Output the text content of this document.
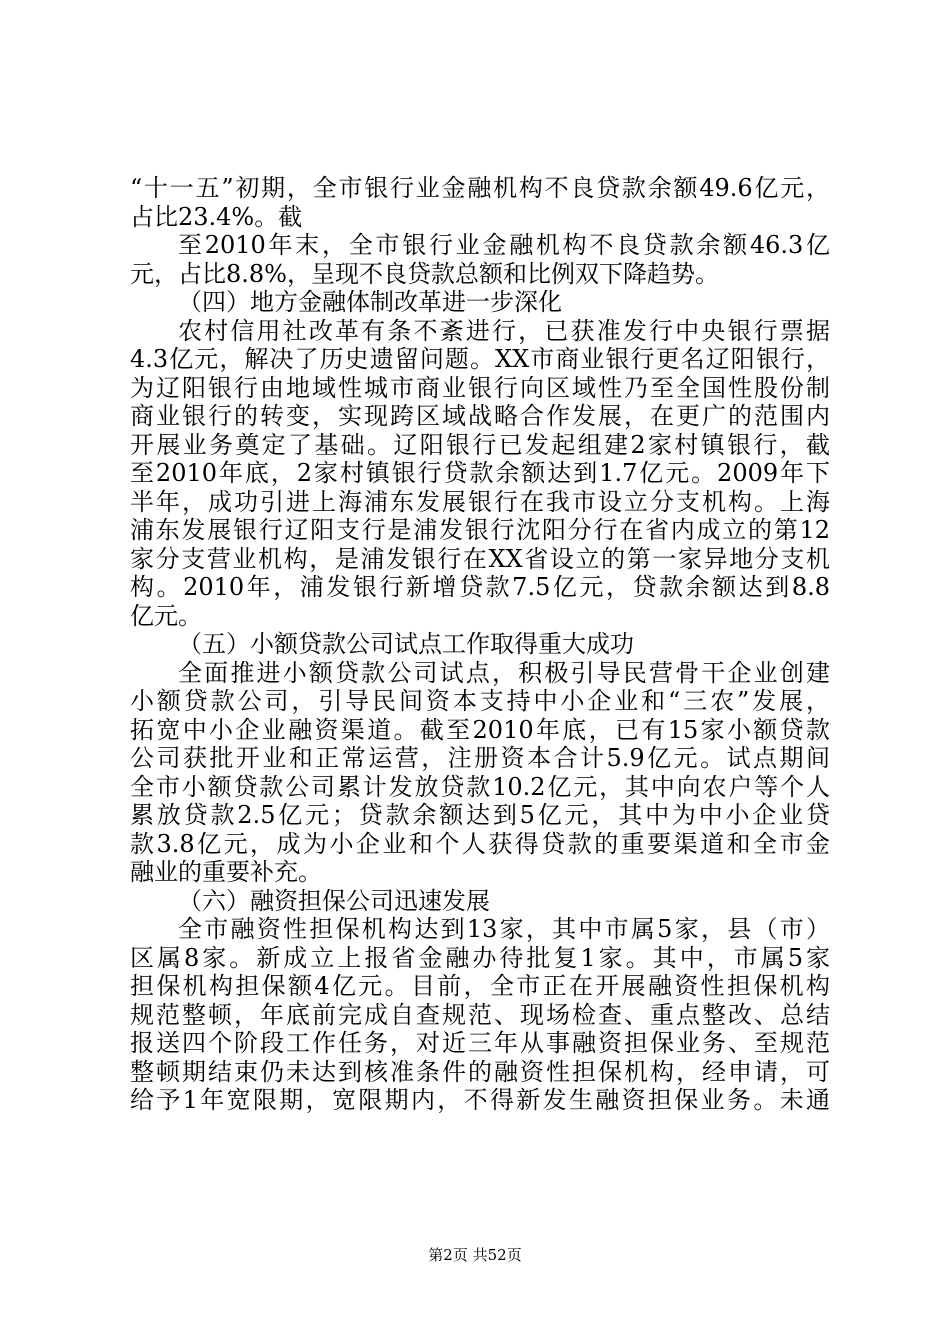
“十一五”初期，全市银行业金融机构不良贷款余额49.6亿元，
占比23.4%。截
至2010年末，全市银行业金融机构不良贷款余额46.3亿
元，占比8.8%，呈现不良贷款总额和比例双下降趋势。
（四）地方金融体制改革进一步深化
农村信用社改革有条不紊进行，已获准发行中央银行票据
4.3亿元，解决了历史遗留问题。XX市商业银行更名辽阳银行，
为辽阳银行由地域性城市商业银行向区域性乃至全国性股份制
商业银行的转变，实现跨区域战略合作发展，在更广的范围内
开展业务奠定了基础。辽阳银行已发起组建2家村镇银行，截
至2010年底，2家村镇银行贷款余额达到1.7亿元。2009年下
半年，成功引进上海浦东发展银行在我市设立分支机构。上海
浦东发展银行辽阳支行是浦发银行沈阳分行在省内成立的第12
家分支营业机构，是浦发银行在XX省设立的第一家异地分支机
构。2010年，浦发银行新增贷款7.5亿元，贷款余额达到8.8
亿元。
（五）小额贷款公司试点工作取得重大成功
全面推进小额贷款公司试点，积极引导民营骨干企业创建
小额贷款公司，引导民间资本支持中小企业和“三农”发展，
拓宽中小企业融资渠道。截至2010年底，已有15家小额贷款
公司获批开业和正常运营，注册资本合计5.9亿元。试点期间
全市小额贷款公司累计发放贷款10.2亿元，其中向农户等个人
累放贷款2.5亿元；贷款余额达到5亿元，其中为中小企业贷
款3.8亿元，成为小企业和个人获得贷款的重要渠道和全市金
融业的重要补充。
（六）融资担保公司迅速发展
全市融资性担保机构达到13家，其中市属5家，县（市）
区属8家。新成立上报省金融办待批复1家。其中，市属5家
担保机构担保额4亿元。目前，全市正在开展融资性担保机构
规范整顿，年底前完成自查规范、现场检查、重点整改、总结
报送四个阶段工作任务，对近三年从事融资担保业务、至规范
整顿期结束仍未达到核准条件的融资性担保机构，经申请，可
给予1年宽限期，宽限期内，不得新发生融资担保业务。未通
第2页 共52页
